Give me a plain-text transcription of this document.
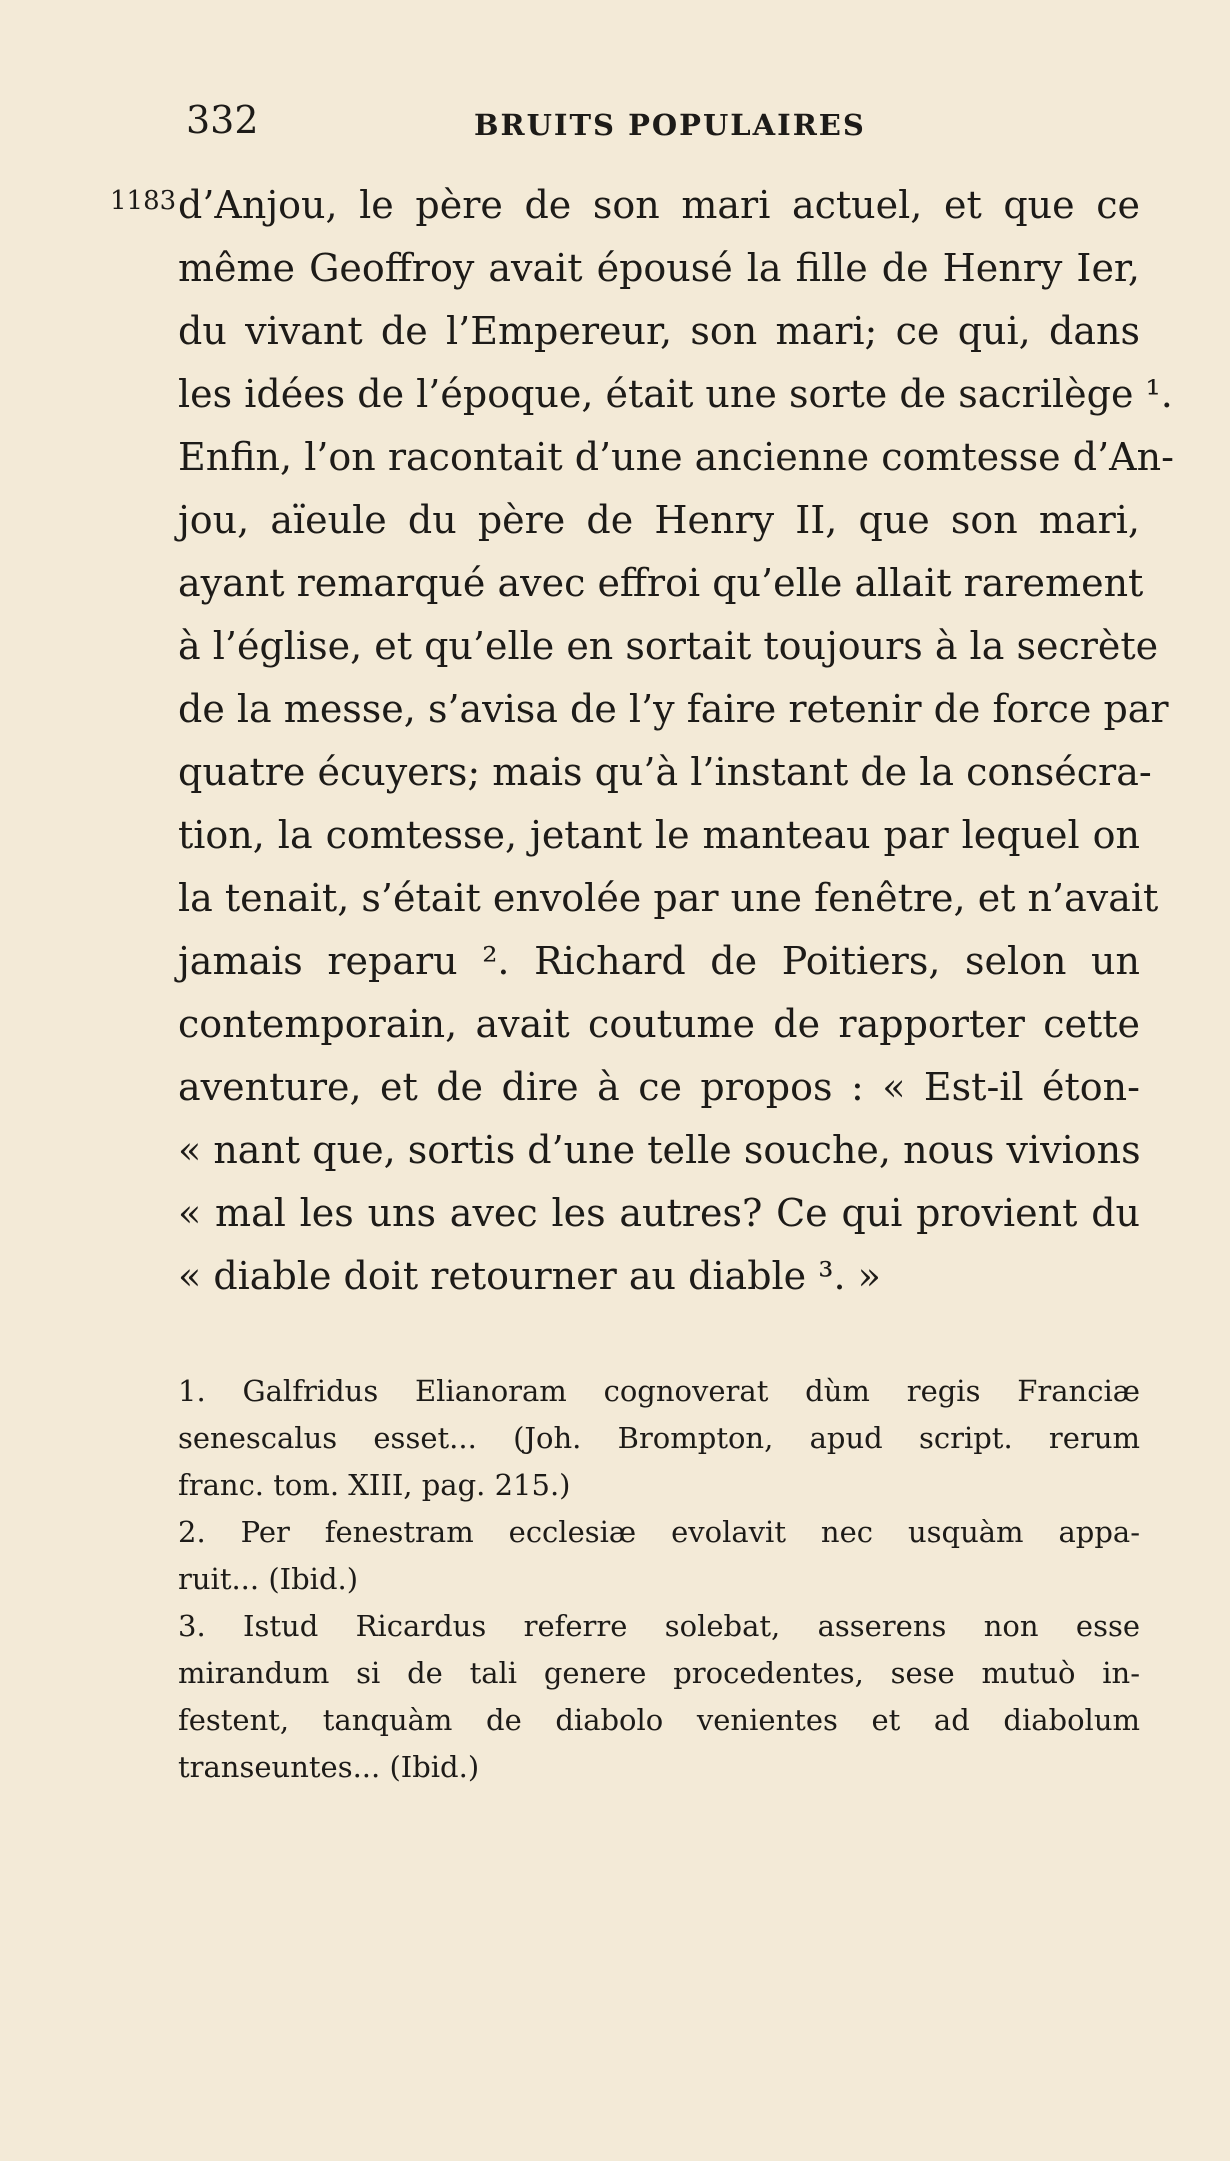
332	BRUITS POPULAIRES
1183 d’Anjou, le père de son mari actuel, et que ce
même Geoffroy avait épousé la fille de Henry Ier,
du vivant de l’Empereur, son mari; ce qui, dans
les idées de l’époque, était une sorte de sacrilège ¹.
Enfin, l’on racontait d’une ancienne comtesse d’An-
jou, aïeule du père de Henry II, que son mari,
ayant remarqué avec effroi qu’elle allait rarement
à l’église, et qu’elle en sortait toujours à la secrète
de la messe, s’avisa de l’y faire retenir de force par
quatre écuyers; mais qu’à l’instant de la consécra-
tion, la comtesse, jetant le manteau par lequel on
la tenait, s’était envolée par une fenêtre, et n’avait
jamais reparu ². Richard de Poitiers, selon un
contemporain, avait coutume de rapporter cette
aventure, et de dire à ce propos : « Est-il éton-
« nant que, sortis d’une telle souche, nous vivions
« mal les uns avec les autres? Ce qui provient du
« diable doit retourner au diable ³. »
1. Galfridus Elianoram cognoverat dùm regis Franciæ
senescalus esset... (Joh. Brompton, apud script. rerum
franc. tom. XIII, pag. 215.)
2. Per fenestram ecclesiæ evolavit nec usquàm appa-
ruit... (Ibid.)
3. Istud Ricardus referre solebat, asserens non esse
mirandum si de tali genere procedentes, sese mutuò in-
festent, tanquàm de diabolo venientes et ad diabolum
transeuntes... (Ibid.)
